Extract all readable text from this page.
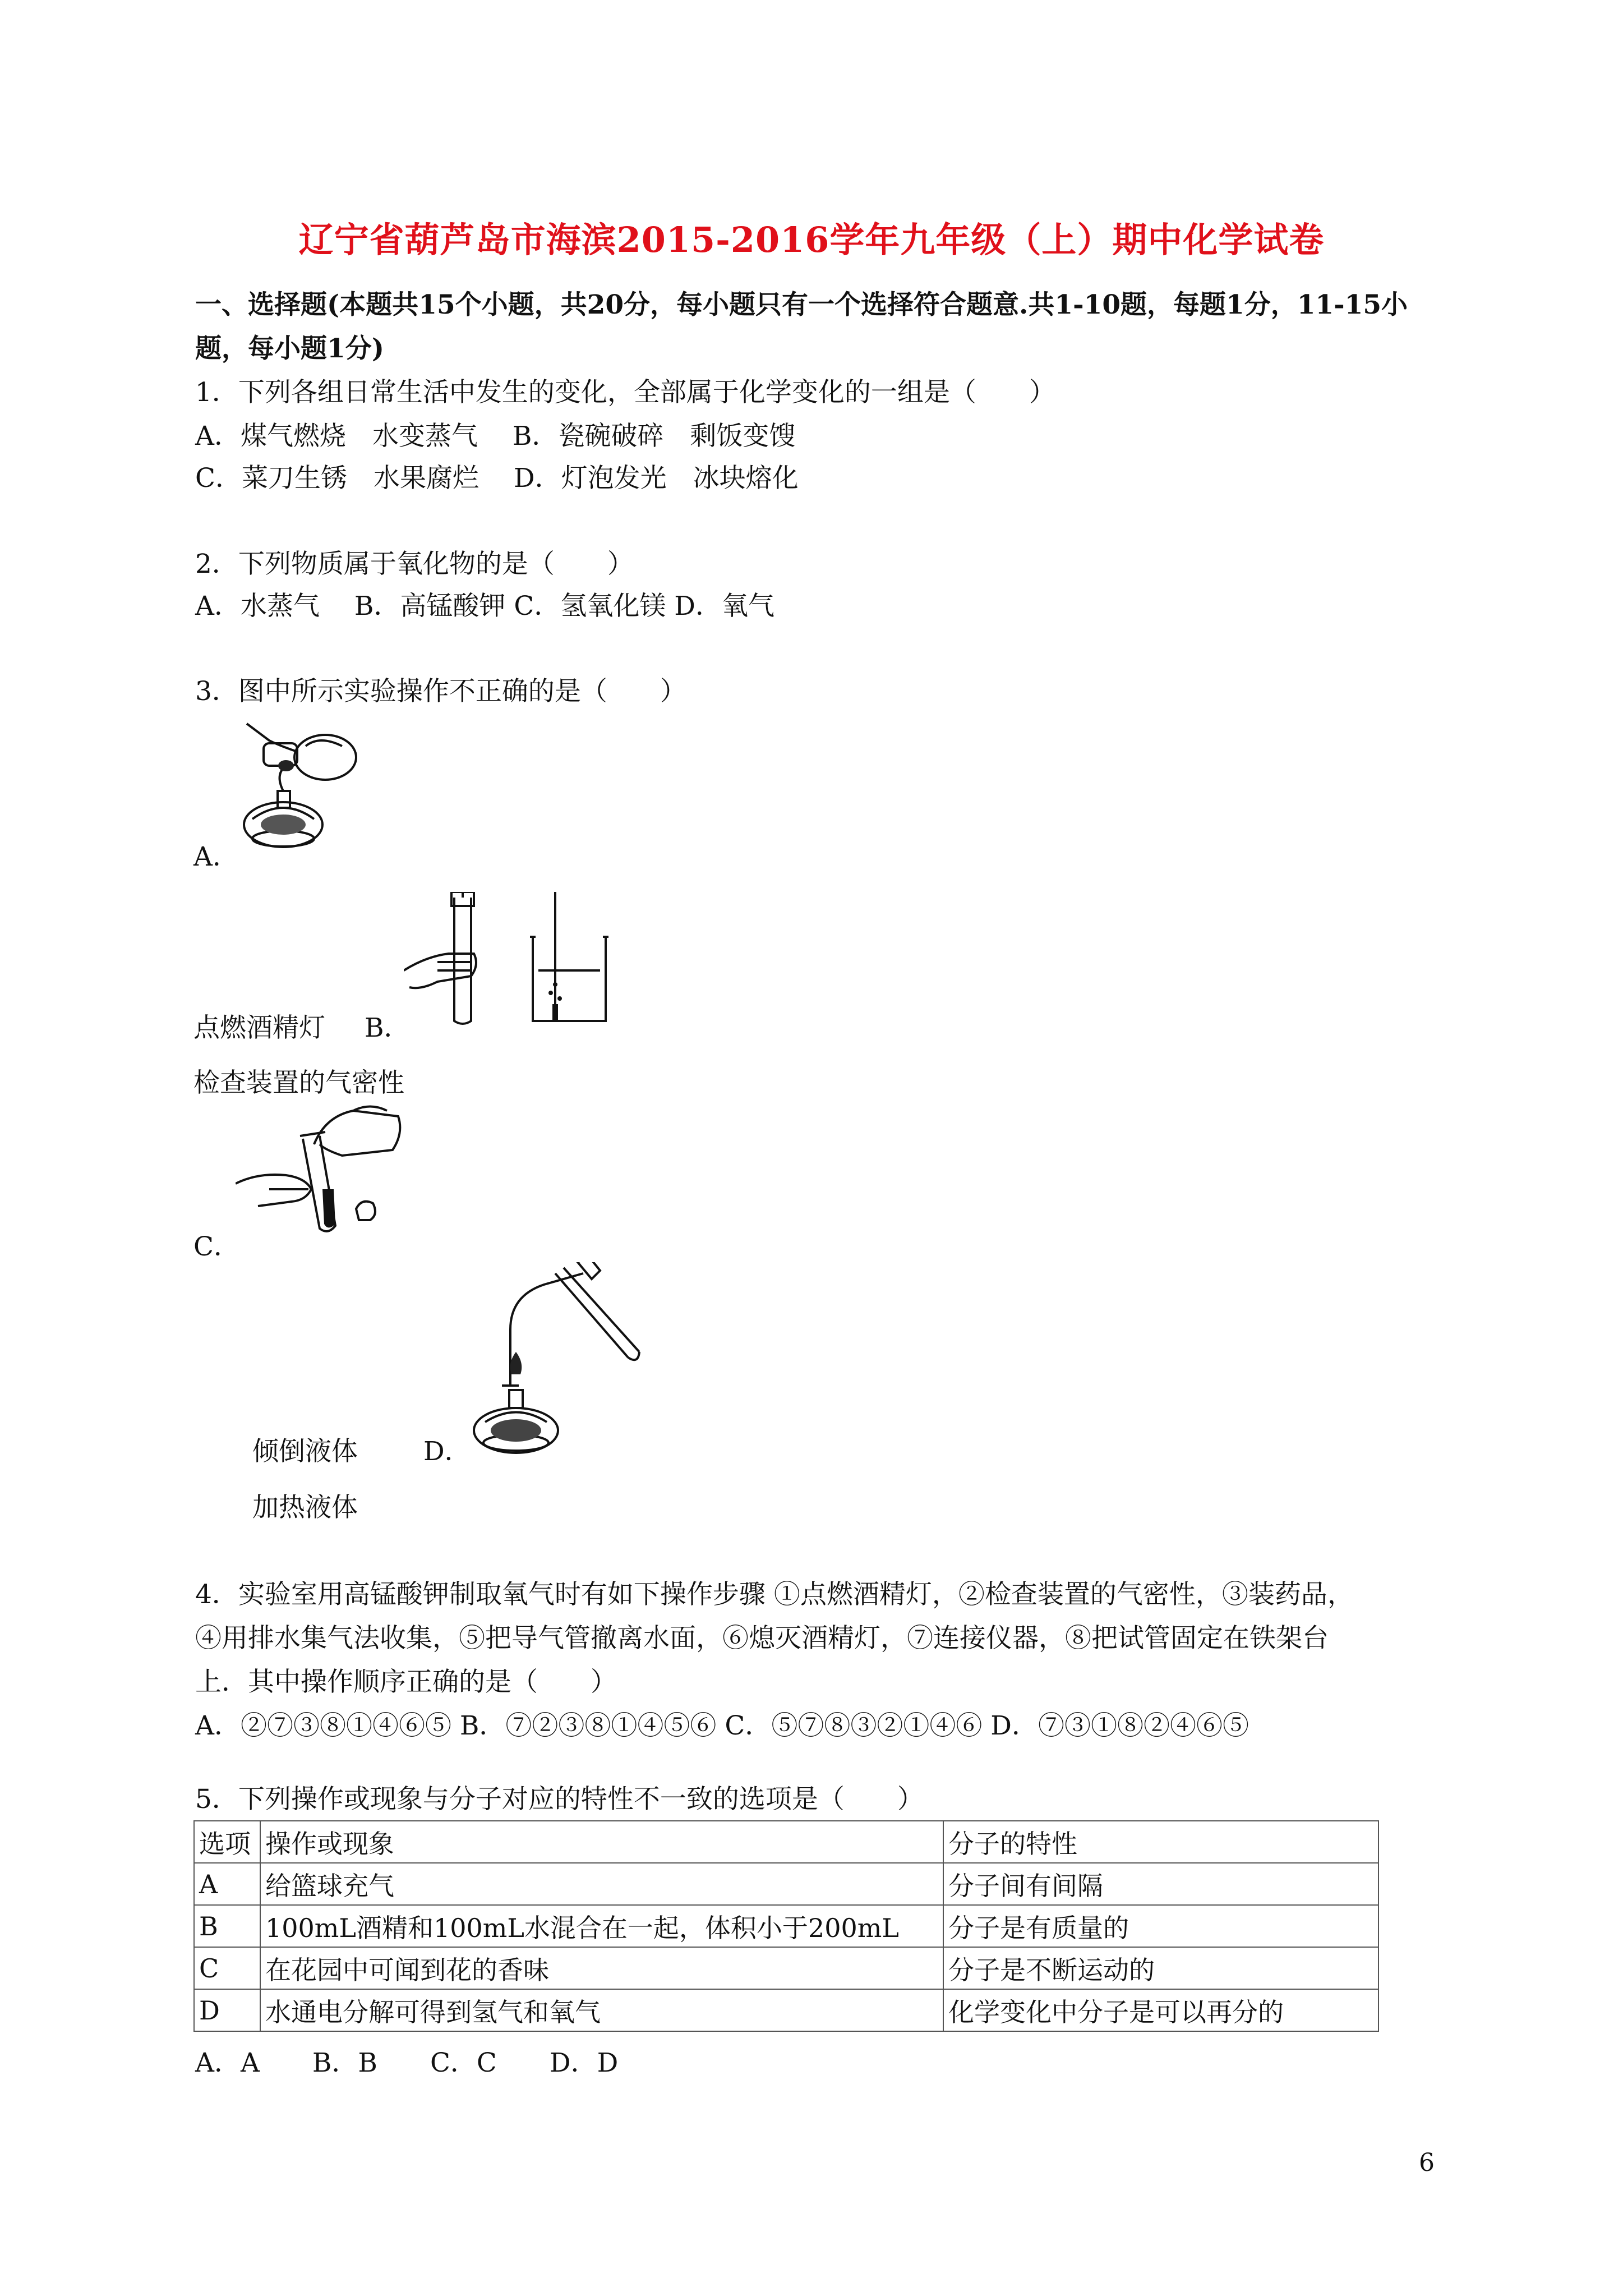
辽宁省葫芦岛市海滨2015-2016学年九年级（上）期中化学试卷
一、选择题(本题共15个小题，共20分，每小题只有一个选择符合题意.共1-10题，每题1分，11-15小题，每小题1分)
1．下列各组日常生活中发生的变化，全部属于化学变化的一组是（　　）
A．煤气燃烧　水变蒸气　 B．瓷碗破碎　剩饭变馊
C．菜刀生锈　水果腐烂　 D．灯泡发光　冰块熔化
2．下列物质属于氧化物的是（　　）
A．水蒸气　 B．高锰酸钾 C．氢氧化镁 D．氧气
3．图中所示实验操作不正确的是（　　）
A．
点燃酒精灯 B．
检查装置的气密性
C．
倾倒液体 D．
加热液体
4．实验室用高锰酸钾制取氧气时有如下操作步骤 ①点燃酒精灯，②检查装置的气密性，③装药品，
④用排水集气法收集，⑤把导气管撤离水面，⑥熄灭酒精灯，⑦连接仪器，⑧把试管固定在铁架台
上．其中操作顺序正确的是（　　）
A．②⑦③⑧①④⑥⑤ B．⑦②③⑧①④⑤⑥ C．⑤⑦⑧③②①④⑥ D．⑦③①⑧②④⑥⑤
5．下列操作或现象与分子对应的特性不一致的选项是（　　）
选项	操作或现象	分子的特性
A	给篮球充气	分子间有间隔
B	100mL酒精和100mL水混合在一起，体积小于200mL	分子是有质量的
C	在花园中可闻到花的香味	分子是不断运动的
D	水通电分解可得到氢气和氧气	化学变化中分子是可以再分的
A．A　　B．B　　C．C　　D．D
6
